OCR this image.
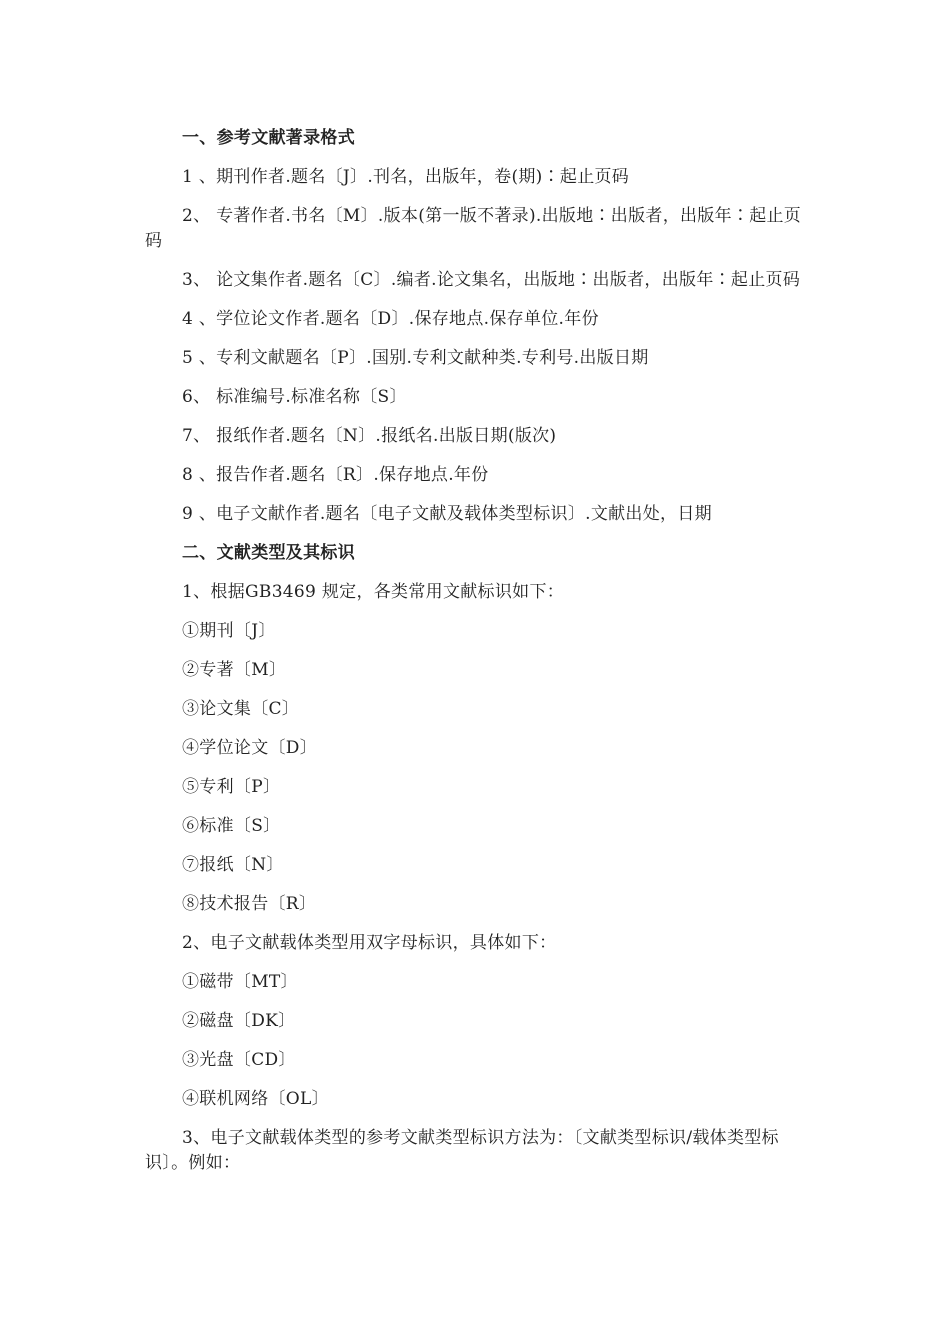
一、参考文献著录格式

1 、期刊作者.题名〔J〕.刊名，出版年，卷(期)∶起止页码

2、 专著作者.书名〔M〕.版本(第一版不著录).出版地∶出版者，出版年∶起止页码

3、 论文集作者.题名〔C〕.编者.论文集名，出版地∶出版者，出版年∶起止页码

4 、学位论文作者.题名〔D〕.保存地点.保存单位.年份

5 、专利文献题名〔P〕.国别.专利文献种类.专利号.出版日期

6、 标准编号.标准名称〔S〕

7、 报纸作者.题名〔N〕.报纸名.出版日期(版次)

8 、报告作者.题名〔R〕.保存地点.年份

9 、电子文献作者.题名〔电子文献及载体类型标识〕.文献出处，日期

二、文献类型及其标识

1、根据GB3469 规定，各类常用文献标识如下：

①期刊〔J〕

②专著〔M〕

③论文集〔C〕

④学位论文〔D〕

⑤专利〔P〕

⑥标准〔S〕

⑦报纸〔N〕

⑧技术报告〔R〕

2、电子文献载体类型用双字母标识，具体如下：

①磁带〔MT〕

②磁盘〔DK〕

③光盘〔CD〕

④联机网络〔OL〕

3、电子文献载体类型的参考文献类型标识方法为：〔文献类型标识/载体类型标识〕。例如：
